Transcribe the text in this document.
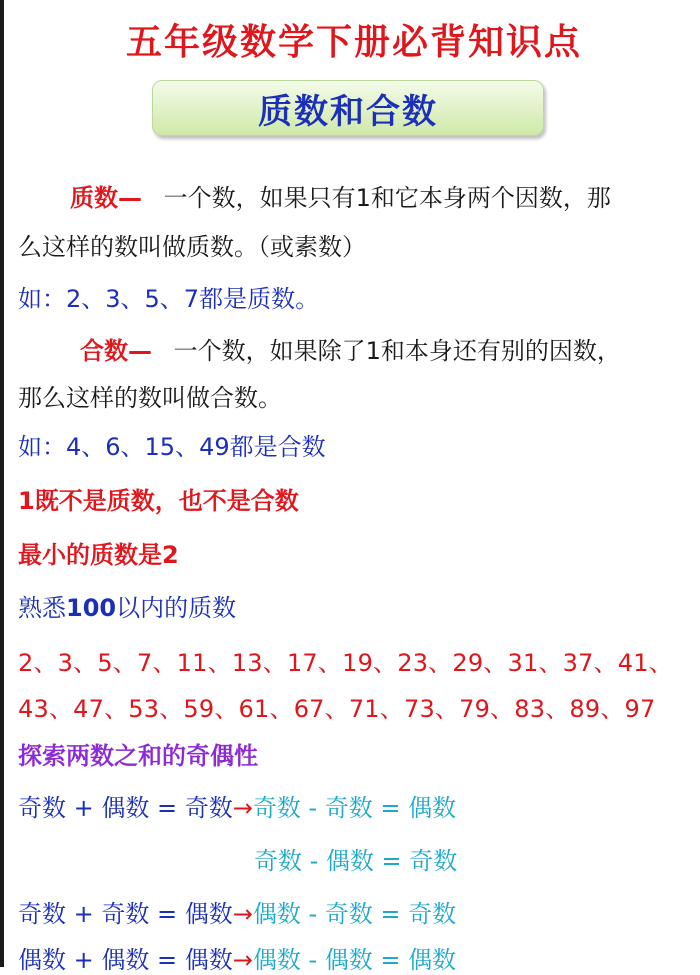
五年级数学下册必背知识点
质数和合数
质数— 一个数，如果只有1和它本身两个因数，那
么这样的数叫做质数。（或素数）
如：2、3、5、7都是质数。
合数— 一个数，如果除了1和本身还有别的因数，
那么这样的数叫做合数。
如：4、6、15、49都是合数
1既不是质数，也不是合数
最小的质数是2
熟悉100以内的质数
2、3、5、7、11、13、17、19、23、29、31、37、41、
43、47、53、59、61、67、71、73、79、83、89、97
探索两数之和的奇偶性
奇数 + 偶数 = 奇数→奇数 - 奇数 = 偶数
奇数 - 偶数 = 奇数
奇数 + 奇数 = 偶数→偶数 - 奇数 = 奇数
偶数 + 偶数 = 偶数→偶数 - 偶数 = 偶数
